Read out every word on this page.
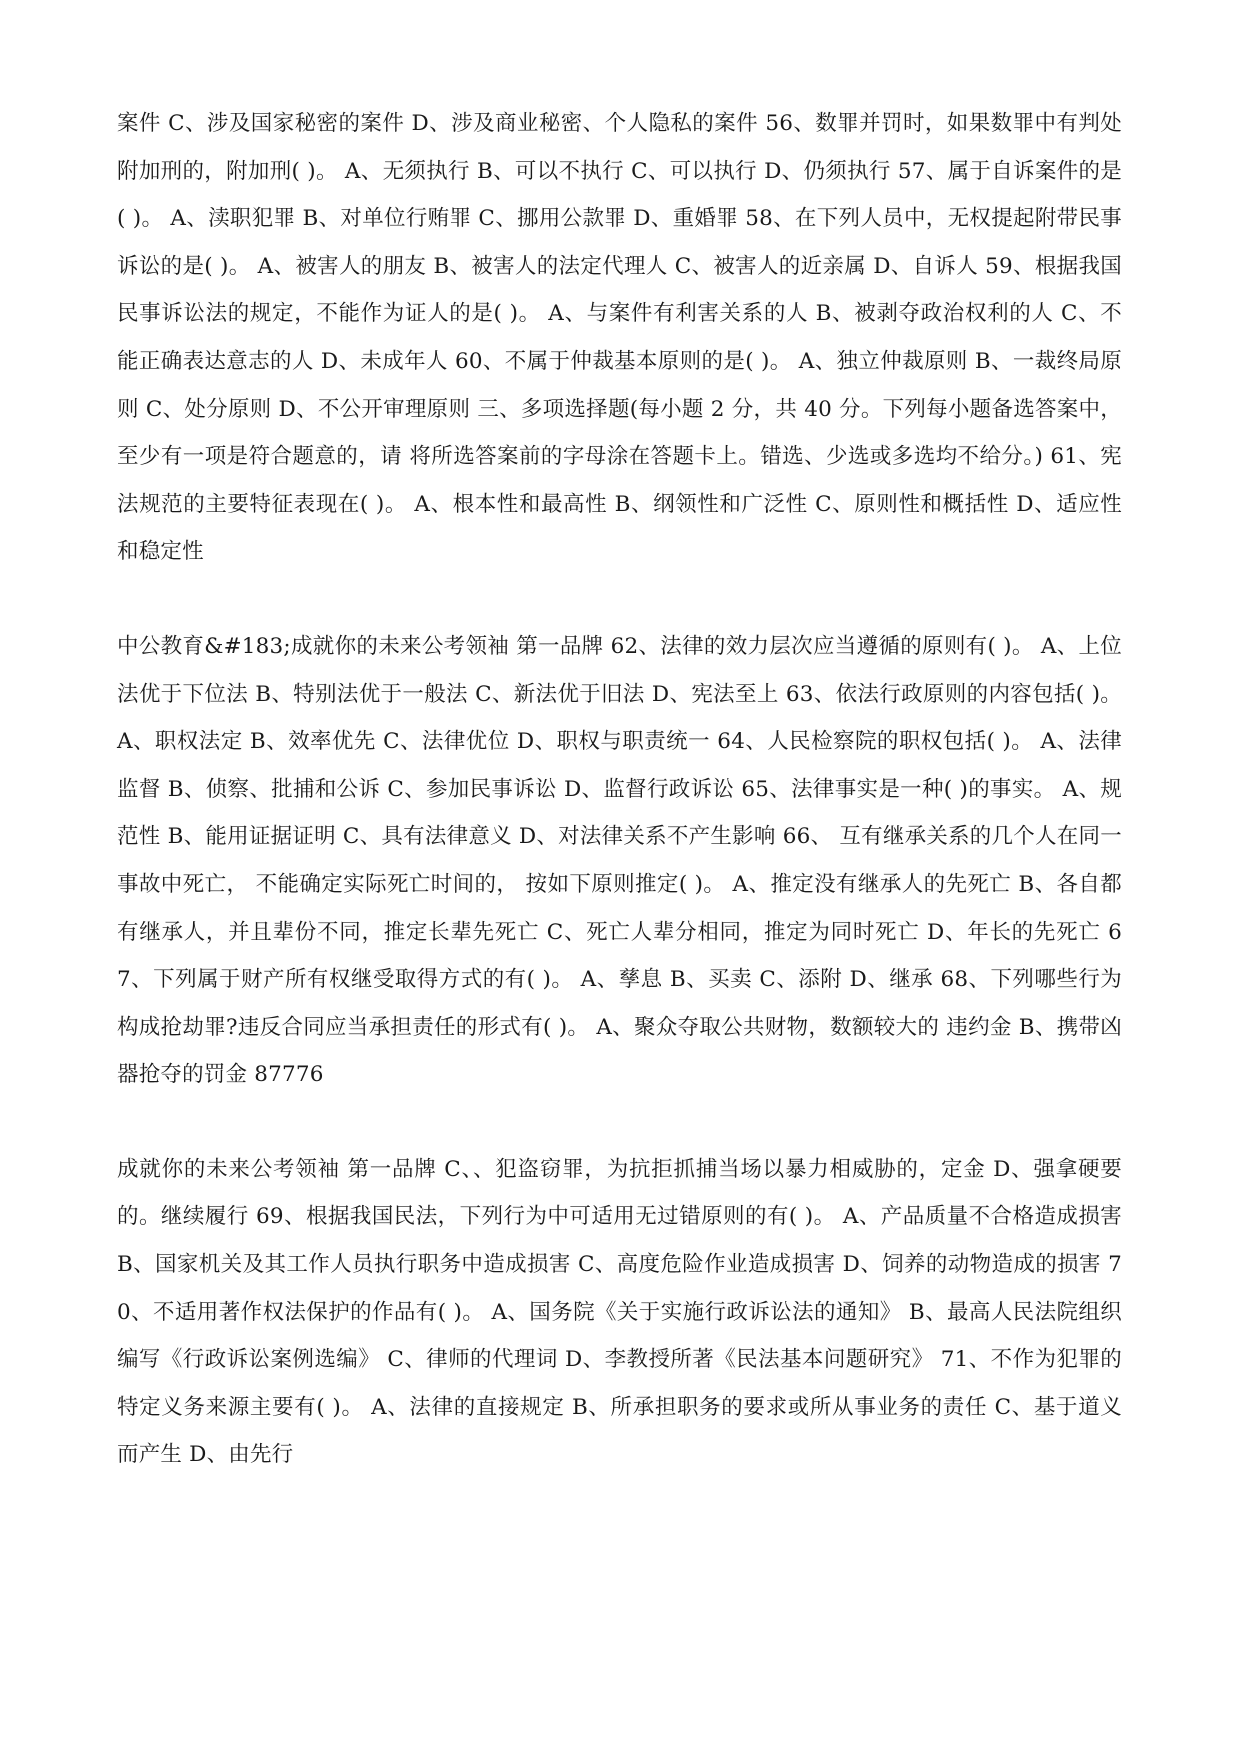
案件 C、涉及国家秘密的案件 D、涉及商业秘密、个人隐私的案件 56、数罪并罚时，如果数罪中有判处附加刑的，附加刑( )。 A、无须执行 B、可以不执行 C、可以执行 D、仍须执行 57、属于自诉案件的是( )。 A、渎职犯罪 B、对单位行贿罪 C、挪用公款罪 D、重婚罪 58、在下列人员中，无权提起附带民事诉讼的是( )。 A、被害人的朋友 B、被害人的法定代理人 C、被害人的近亲属 D、自诉人 59、根据我国民事诉讼法的规定，不能作为证人的是( )。 A、与案件有利害关系的人 B、被剥夺政治权利的人 C、不能正确表达意志的人 D、未成年人 60、不属于仲裁基本原则的是( )。 A、独立仲裁原则 B、一裁终局原则 C、处分原则 D、不公开审理原则 三、多项选择题(每小题 2 分，共 40 分。下列每小题备选答案中，至少有一项是符合题意的，请 将所选答案前的字母涂在答题卡上。错选、少选或多选均不给分。) 61、宪法规范的主要特征表现在( )。 A、根本性和最高性 B、纲领性和广泛性 C、原则性和概括性 D、适应性和稳定性

中公教育&#183;成就你的未来公考领袖 第一品牌 62、法律的效力层次应当遵循的原则有( )。 A、上位法优于下位法 B、特别法优于一般法 C、新法优于旧法 D、宪法至上 63、依法行政原则的内容包括( )。 A、职权法定 B、效率优先 C、法律优位 D、职权与职责统一 64、人民检察院的职权包括( )。 A、法律监督 B、侦察、批捕和公诉 C、参加民事诉讼 D、监督行政诉讼 65、法律事实是一种( )的事实。 A、规范性 B、能用证据证明 C、具有法律意义 D、对法律关系不产生影响 66、 互有继承关系的几个人在同一事故中死亡， 不能确定实际死亡时间的， 按如下原则推定( )。 A、推定没有继承人的先死亡 B、各自都有继承人，并且辈份不同，推定长辈先死亡 C、死亡人辈分相同，推定为同时死亡 D、年长的先死亡 67、下列属于财产所有权继受取得方式的有( )。 A、孳息 B、买卖 C、添附 D、继承 68、下列哪些行为构成抢劫罪?违反合同应当承担责任的形式有( )。 A、聚众夺取公共财物，数额较大的 违约金 B、携带凶器抢夺的罚金 87776

成就你的未来公考领袖 第一品牌 C、、犯盗窃罪，为抗拒抓捕当场以暴力相威胁的，定金 D、强拿硬要的。继续履行 69、根据我国民法，下列行为中可适用无过错原则的有( )。 A、产品质量不合格造成损害 B、国家机关及其工作人员执行职务中造成损害 C、高度危险作业造成损害 D、饲养的动物造成的损害 70、不适用著作权法保护的作品有( )。 A、国务院《关于实施行政诉讼法的通知》 B、最高人民法院组织编写《行政诉讼案例选编》 C、律师的代理词 D、李教授所著《民法基本问题研究》 71、不作为犯罪的特定义务来源主要有( )。 A、法律的直接规定 B、所承担职务的要求或所从事业务的责任 C、基于道义而产生 D、由先行
